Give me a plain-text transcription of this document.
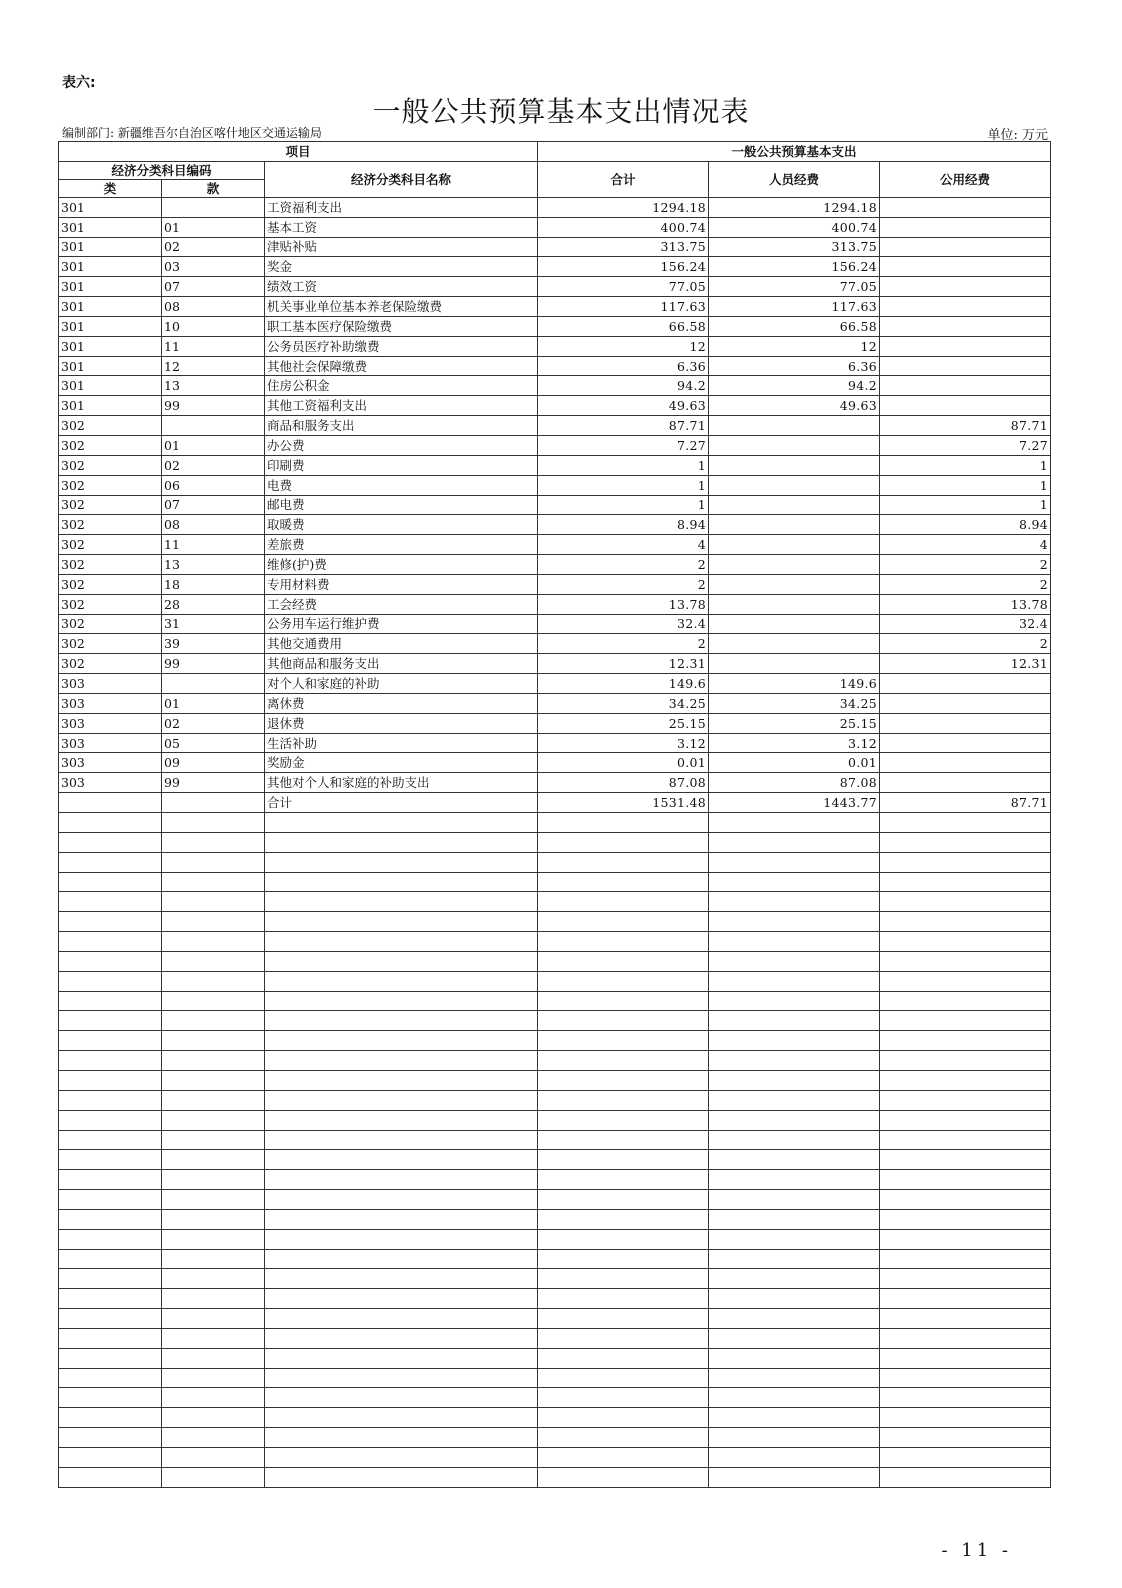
表六:
一般公共预算基本支出情况表
编制部门: 新疆维吾尔自治区喀什地区交通运输局	单位: 万元
项目			一般公共预算基本支出		
经济分类科目编码		经济分类科目名称	合计	人员经费	公用经费
类	款				
301		工资福利支出	1294.18	1294.18	
301	01	基本工资	400.74	400.74	
301	02	津贴补贴	313.75	313.75	
301	03	奖金	156.24	156.24	
301	07	绩效工资	77.05	77.05	
301	08	机关事业单位基本养老保险缴费	117.63	117.63	
301	10	职工基本医疗保险缴费	66.58	66.58	
301	11	公务员医疗补助缴费	12	12	
301	12	其他社会保障缴费	6.36	6.36	
301	13	住房公积金	94.2	94.2	
301	99	其他工资福利支出	49.63	49.63	
302		商品和服务支出	87.71		87.71
302	01	办公费	7.27		7.27
302	02	印刷费	1		1
302	06	电费	1		1
302	07	邮电费	1		1
302	08	取暖费	8.94		8.94
302	11	差旅费	4		4
302	13	维修(护)费	2		2
302	18	专用材料费	2		2
302	28	工会经费	13.78		13.78
302	31	公务用车运行维护费	32.4		32.4
302	39	其他交通费用	2		2
302	99	其他商品和服务支出	12.31		12.31
303		对个人和家庭的补助	149.6	149.6	
303	01	离休费	34.25	34.25	
303	02	退休费	25.15	25.15	
303	05	生活补助	3.12	3.12	
303	09	奖励金	0.01	0.01	
303	99	其他对个人和家庭的补助支出	87.08	87.08	
		合计	1531.48	1443.77	87.71

- 11 -
